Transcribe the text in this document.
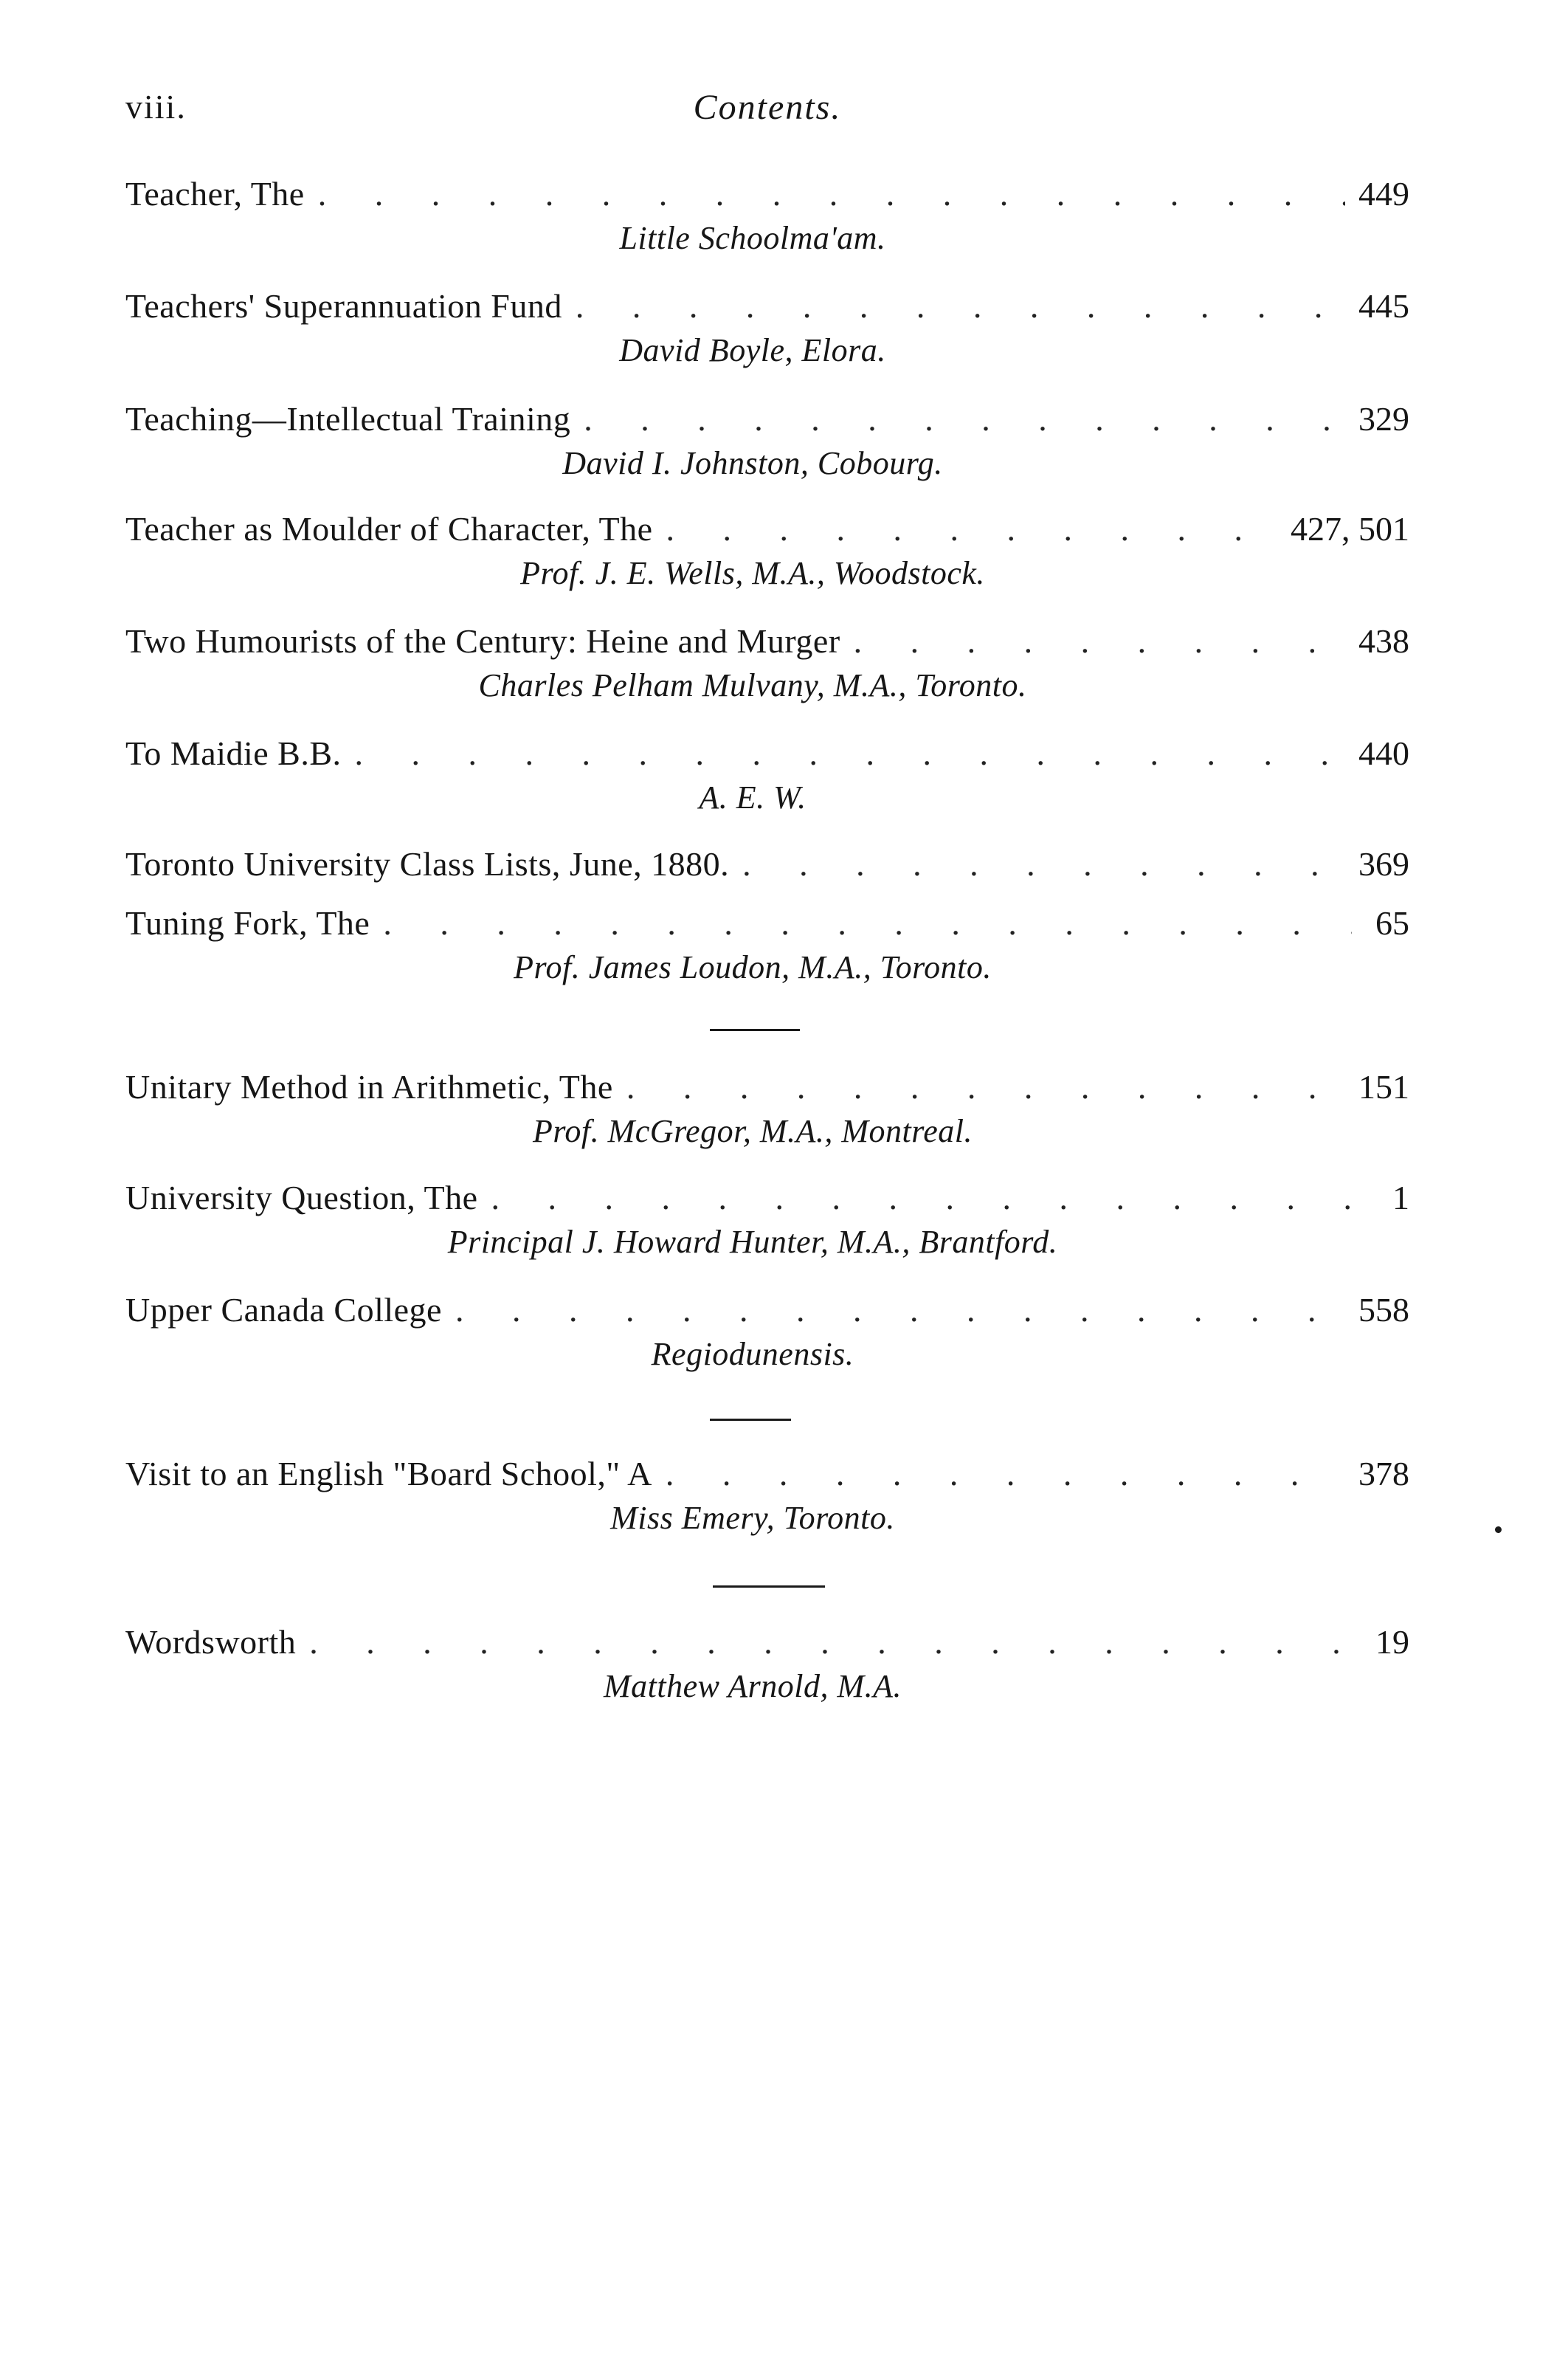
viii.	Contents.
Teacher, The . . .	449
Little Schoolma'am.
Teachers' Superannuation Fund . . .	445
David Boyle, Elora.
Teaching—Intellectual Training . . .	329
David I. Johnston, Cobourg.
Teacher as Moulder of Character, The . . .	427, 501
Prof. J. E. Wells, M.A., Woodstock.
Two Humourists of the Century: Heine and Murger . . .	438
Charles Pelham Mulvany, M.A., Toronto.
To Maidie B.B. . . .	440
A. E. W.
Toronto University Class Lists, June, 1880. . . .	369
Tuning Fork, The . . .	65
Prof. James Loudon, M.A., Toronto.
Unitary Method in Arithmetic, The . . .	151
Prof. McGregor, M.A., Montreal.
University Question, The . . .	1
Principal J. Howard Hunter, M.A., Brantford.
Upper Canada College . . .	558
Regiodunensis.
Visit to an English "Board School," A . . .	378
Miss Emery, Toronto.
Wordsworth . . .	19
Matthew Arnold, M.A.
